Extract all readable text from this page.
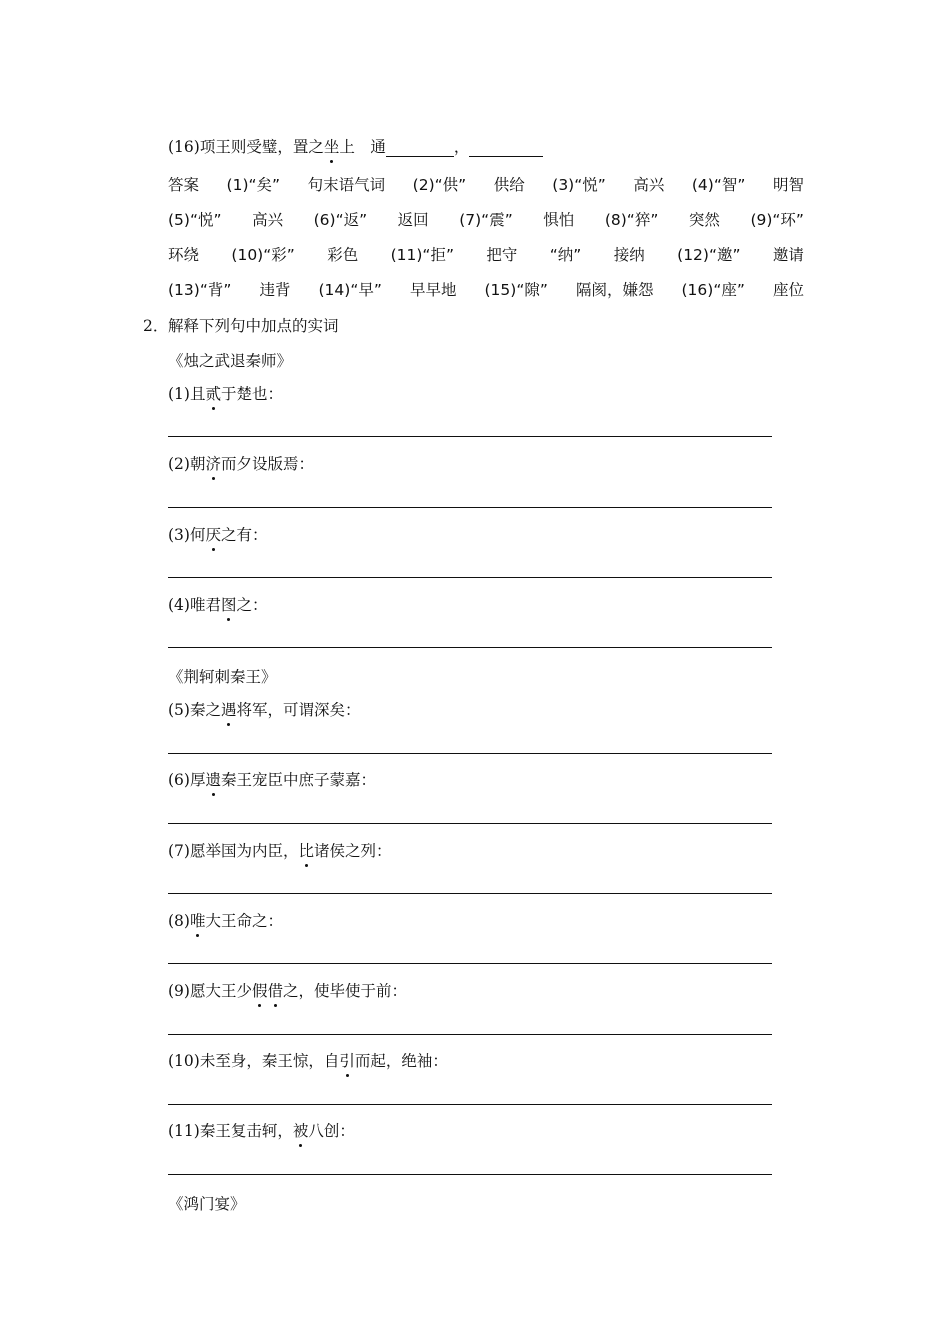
(16)项王则受璧，置之坐上　通	，
答案 (1)“矣” 句末语气词 (2)“供” 供给 (3)“悦” 高兴 (4)“智” 明智
(5)“悦” 高兴 (6)“返” 返回 (7)“震” 惧怕 (8)“猝” 突然 (9)“环”
环绕 (10)“彩” 彩色 (11)“拒” 把守 “纳” 接纳 (12)“邀” 邀请
(13)“背” 违背 (14)“早” 早早地 (15)“隙” 隔阂，嫌怨 (16)“座” 座位
2． 解释下列句中加点的实词
《烛之武退秦师》
(1)且贰于楚也：
(2)朝济而夕设版焉：
(3)何厌之有：
(4)唯君图之：
《荆轲刺秦王》
(5)秦之遇将军，可谓深矣：
(6)厚遗秦王宠臣中庶子蒙嘉：
(7)愿举国为内臣，比诸侯之列：
(8)唯大王命之：
(9)愿大王少假借之，使毕使于前：
(10)未至身，秦王惊，自引而起，绝袖：
(11)秦王复击轲，被八创：
《鸿门宴》
